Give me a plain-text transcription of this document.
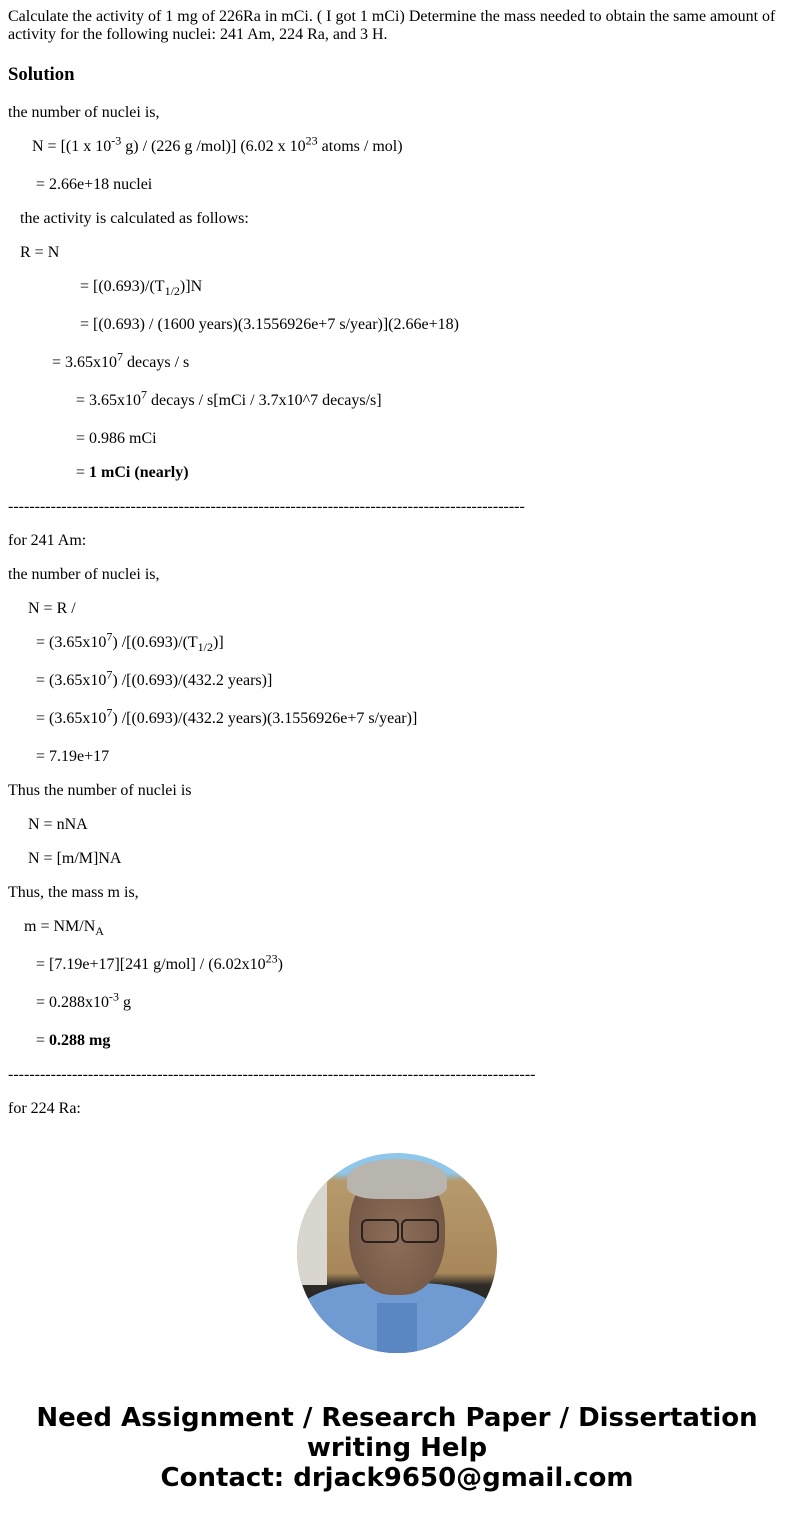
Calculate the activity of 1 mg of 226Ra in mCi. ( I got 1 mCi) Determine the mass needed to obtain the same amount of activity for the following nuclei: 241 Am, 224 Ra, and 3 H.

Solution
the number of nuclei is,
N = [(1 x $10^{-3}$ g) / (226 g /mol)] (6.02 x $10^{23}$ atoms / mol)
= 2.66e+18 nuclei
the activity is calculated as follows:
R = N
= $[(0.693)/(T_{1/2})]N$
= [(0.693) / (1600 years)(3.1556926e+7 s/year)](2.66e+18)
= $3.65x10^7$ decays / s
= $3.65x10^7$ decays / s[mCi / 3.7x10^7 decays/s]
= 0.986 mCi
= 1 mCi (nearly)
-------------------------------------------------------------------------------------------------
for 241 Am:
the number of nuclei is,
N = R /
= $(3.65x10^7)$ $/[(0.693)/(T_{1/2})]$
= $(3.65x10^7)$ /[(0.693)/(432.2 years)]
= $(3.65x10^7)$ /[(0.693)/(432.2 years)(3.1556926e+7 s/year)]
= 7.19e+17
Thus the number of nuclei is
N = nNA
N = [m/M]NA
Thus, the mass m is,
$m = NM/N_A$
= [7.19e+17][241 $g/mol] / (6.02x10^{23})$
= $0.288x10^{-3}$ g
= 0.288 mg
---------------------------------------------------------------------------------------------------
for 224 Ra:
Need Assignment / Research Paper / Dissertation
writing Help
Contact: drjack9650@gmail.com
